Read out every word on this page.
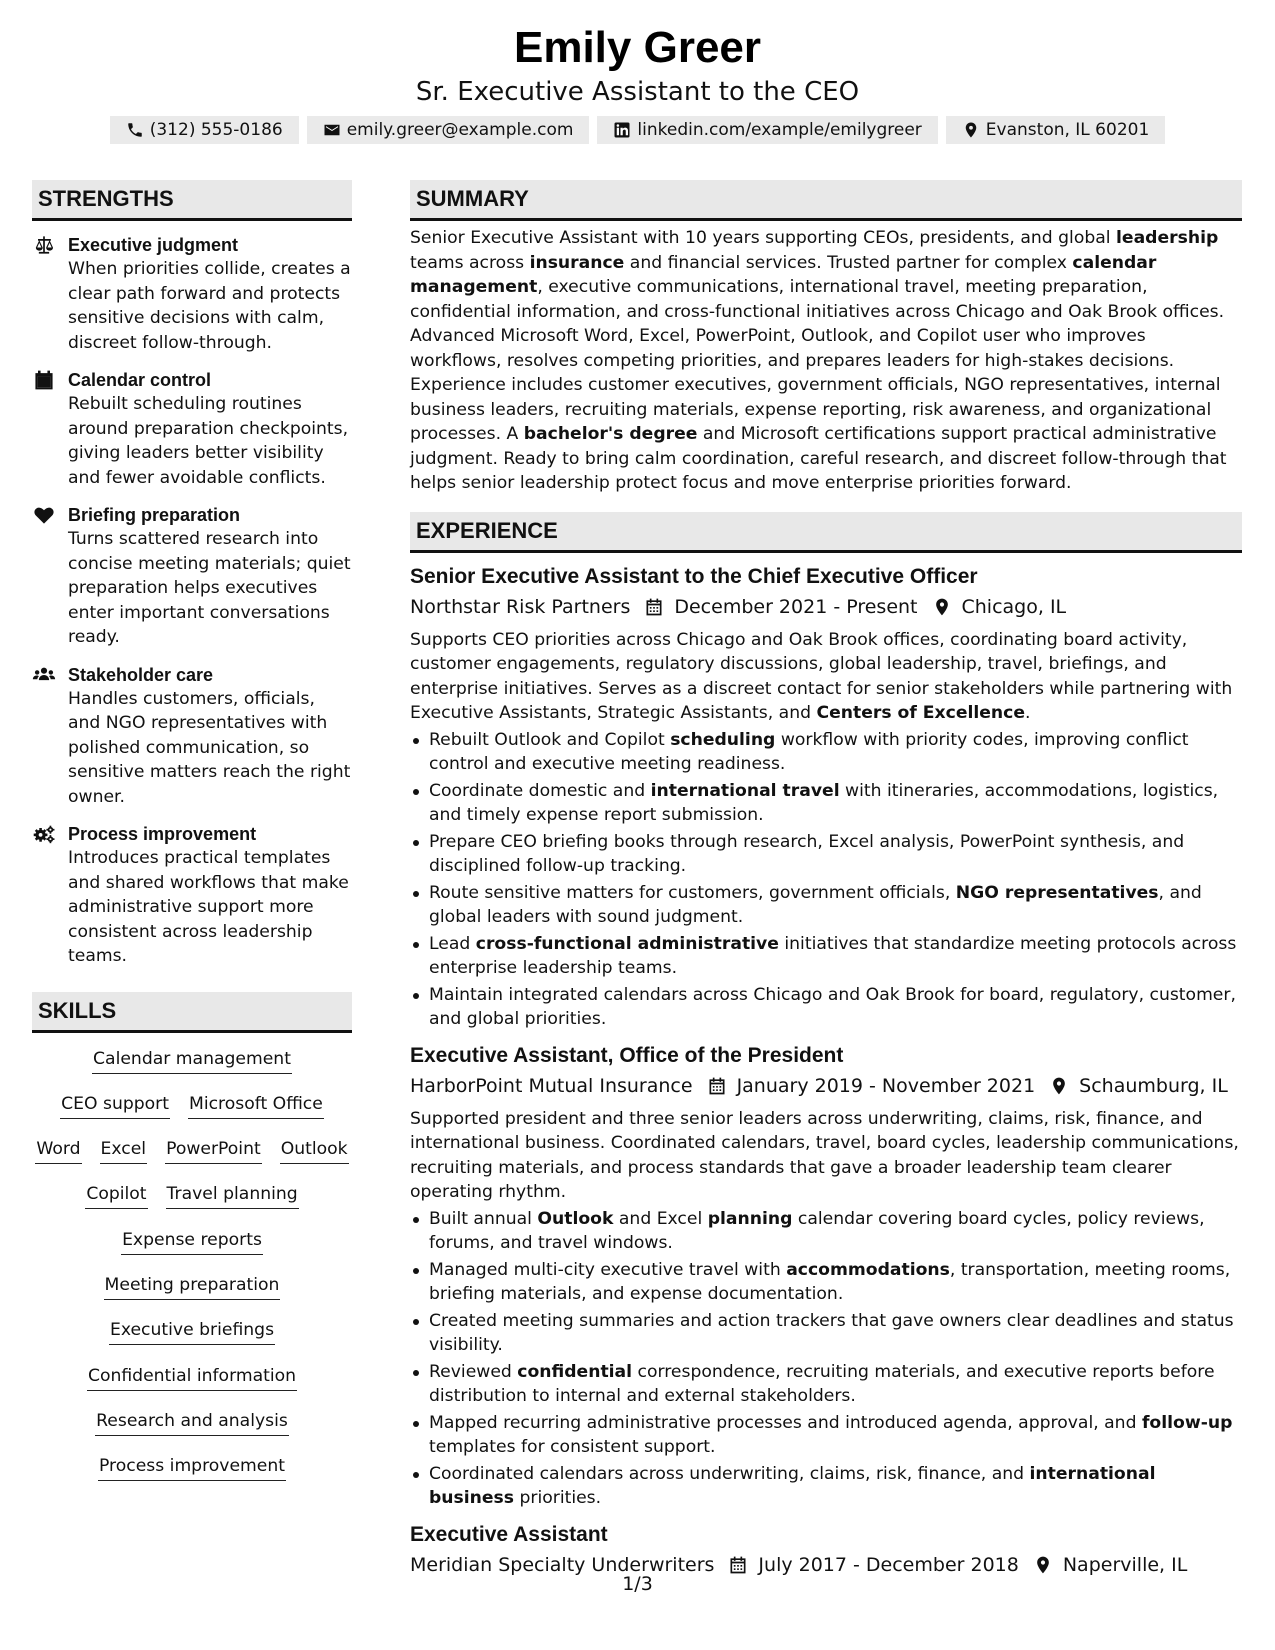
Emily Greer
Sr. Executive Assistant to the CEO
(312) 555-0186	emily.greer@example.com	linkedin.com/example/emilygreer	Evanston, IL 60201
STRENGTHS
Executive judgment
When priorities collide, creates a clear path forward and protects sensitive decisions with calm, discreet follow-through.
Calendar control
Rebuilt scheduling routines around preparation checkpoints, giving leaders better visibility and fewer avoidable conflicts.
Briefing preparation
Turns scattered research into concise meeting materials; quiet preparation helps executives enter important conversations ready.
Stakeholder care
Handles customers, officials, and NGO representatives with polished communication, so sensitive matters reach the right owner.
Process improvement
Introduces practical templates and shared workflows that make administrative support more consistent across leadership teams.
SKILLS
Calendar management
CEO support Microsoft Office
Word Excel PowerPoint Outlook
Copilot Travel planning
Expense reports
Meeting preparation
Executive briefings
Confidential information
Research and analysis
Process improvement
SUMMARY
Senior Executive Assistant with 10 years supporting CEOs, presidents, and global leadership teams across insurance and financial services. Trusted partner for complex calendar management, executive communications, international travel, meeting preparation, confidential information, and cross-functional initiatives across Chicago and Oak Brook offices. Advanced Microsoft Word, Excel, PowerPoint, Outlook, and Copilot user who improves workflows, resolves competing priorities, and prepares leaders for high-stakes decisions. Experience includes customer executives, government officials, NGO representatives, internal business leaders, recruiting materials, expense reporting, risk awareness, and organizational processes. A bachelor's degree and Microsoft certifications support practical administrative judgment. Ready to bring calm coordination, careful research, and discreet follow-through that helps senior leadership protect focus and move enterprise priorities forward.
EXPERIENCE
Senior Executive Assistant to the Chief Executive Officer
Northstar Risk Partners December 2021 - Present Chicago, IL
Supports CEO priorities across Chicago and Oak Brook offices, coordinating board activity, customer engagements, regulatory discussions, global leadership, travel, briefings, and enterprise initiatives. Serves as a discreet contact for senior stakeholders while partnering with Executive Assistants, Strategic Assistants, and Centers of Excellence.
Rebuilt Outlook and Copilot scheduling workflow with priority codes, improving conflict control and executive meeting readiness.
Coordinate domestic and international travel with itineraries, accommodations, logistics, and timely expense report submission.
Prepare CEO briefing books through research, Excel analysis, PowerPoint synthesis, and disciplined follow-up tracking.
Route sensitive matters for customers, government officials, NGO representatives, and global leaders with sound judgment.
Lead cross-functional administrative initiatives that standardize meeting protocols across enterprise leadership teams.
Maintain integrated calendars across Chicago and Oak Brook for board, regulatory, customer, and global priorities.
Executive Assistant, Office of the President
HarborPoint Mutual Insurance January 2019 - November 2021 Schaumburg, IL
Supported president and three senior leaders across underwriting, claims, risk, finance, and international business. Coordinated calendars, travel, board cycles, leadership communications, recruiting materials, and process standards that gave a broader leadership team clearer operating rhythm.
Built annual Outlook and Excel planning calendar covering board cycles, policy reviews, forums, and travel windows.
Managed multi-city executive travel with accommodations, transportation, meeting rooms, briefing materials, and expense documentation.
Created meeting summaries and action trackers that gave owners clear deadlines and status visibility.
Reviewed confidential correspondence, recruiting materials, and executive reports before distribution to internal and external stakeholders.
Mapped recurring administrative processes and introduced agenda, approval, and follow-up templates for consistent support.
Coordinated calendars across underwriting, claims, risk, finance, and international business priorities.
Executive Assistant
Meridian Specialty Underwriters July 2017 - December 2018 Naperville, IL
1/3
